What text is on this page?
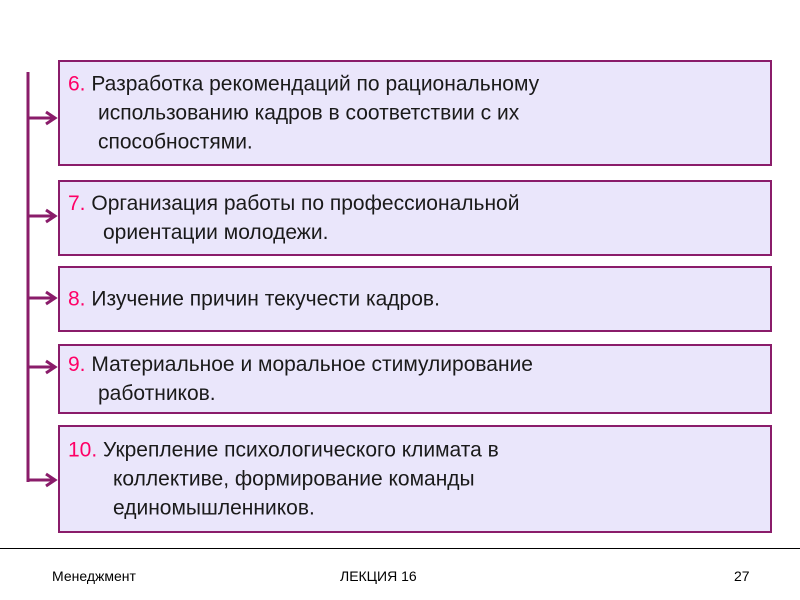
6. Разработка рекомендаций по рациональному

использованию кадров в соответствии с их

способностями.

7. Организация работы по профессиональной

ориентации молодежи.

8. Изучение причин текучести кадров.

9. Материальное и моральное стимулирование

работников.

10. Укрепление психологического климата в

коллективе, формирование команды

единомышленников.

Менеджмент	ЛЕКЦИЯ 16	27
